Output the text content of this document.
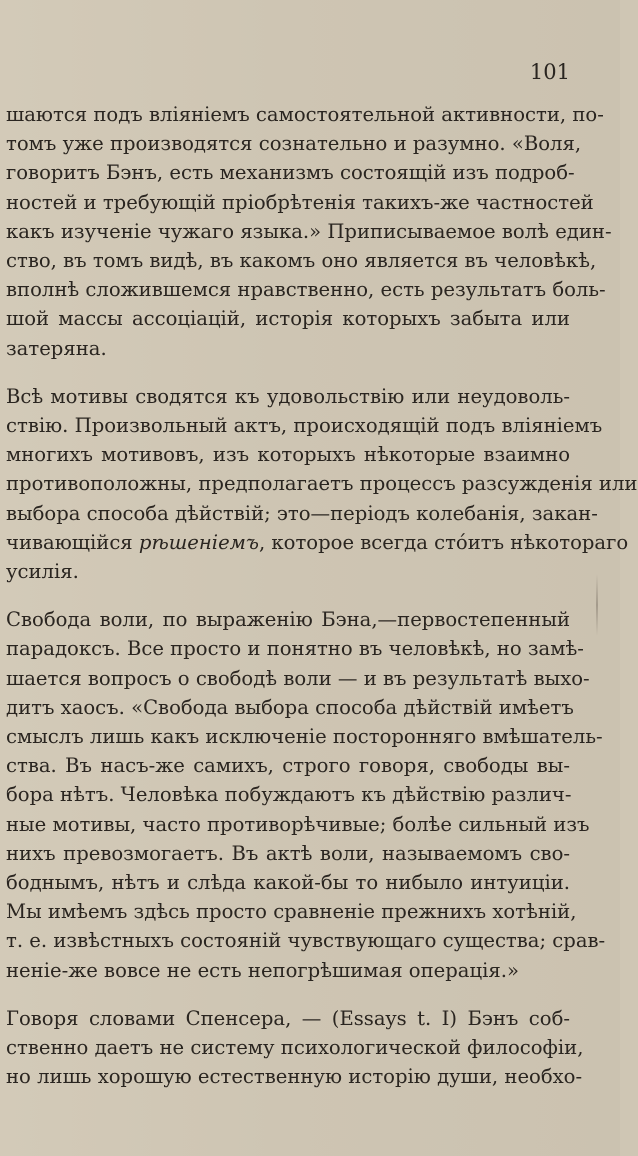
101
шаются подъ вліяніемъ самостоятельной активности, по-
томъ уже производятся сознательно и разумно. «Воля,
говоритъ Бэнъ, есть механизмъ состоящій изъ подроб-
ностей и требующій пріобрѣтенія такихъ-же частностей
какъ изученіе чужаго языка.» Приписываемое волѣ един-
ство, въ томъ видѣ, въ какомъ оно является въ человѣкѣ,
вполнѣ сложившемся нравственно, есть результатъ боль-
шой массы ассоціацій, исторія которыхъ забыта или
затеряна.
Всѣ мотивы сводятся къ удовольствію или неудоволь-
ствію. Произвольный актъ, происходящій подъ вліяніемъ
многихъ мотивовъ, изъ которыхъ нѣкоторые взаимно
противоположны, предполагаетъ процессъ разсужденія или
выбора способа дѣйствій; это—періодъ колебанія, закан-
чивающійся рѣшеніемъ, которое всегда стóитъ нѣкотораго
усилія.
Свобода воли, по выраженію Бэна,—первостепенный
парадоксъ. Все просто и понятно въ человѣкѣ, но замѣ-
шается вопросъ о свободѣ воли — и въ результатѣ выхо-
дитъ хаосъ. «Свобода выбора способа дѣйствій имѣетъ
смыслъ лишь какъ исключеніе посторонняго вмѣшатель-
ства. Въ насъ-же самихъ, строго говоря, свободы вы-
бора нѣтъ. Человѣка побуждаютъ къ дѣйствію различ-
ные мотивы, часто противорѣчивые; болѣе сильный изъ
нихъ превозмогаетъ. Въ актѣ воли, называемомъ сво-
боднымъ, нѣтъ и слѣда какой-бы то нибыло интуиціи.
Мы имѣемъ здѣсь просто сравненіе прежнихъ хотѣній,
т. е. извѣстныхъ состояній чувствующаго существа; срав-
неніе-же вовсе не есть непогрѣшимая операція.»
Говоря словами Спенсера, — (Essays t. I) Бэнъ соб-
ственно даетъ не систему психологической философіи,
но лишь хорошую естественную исторію души, необхо-
